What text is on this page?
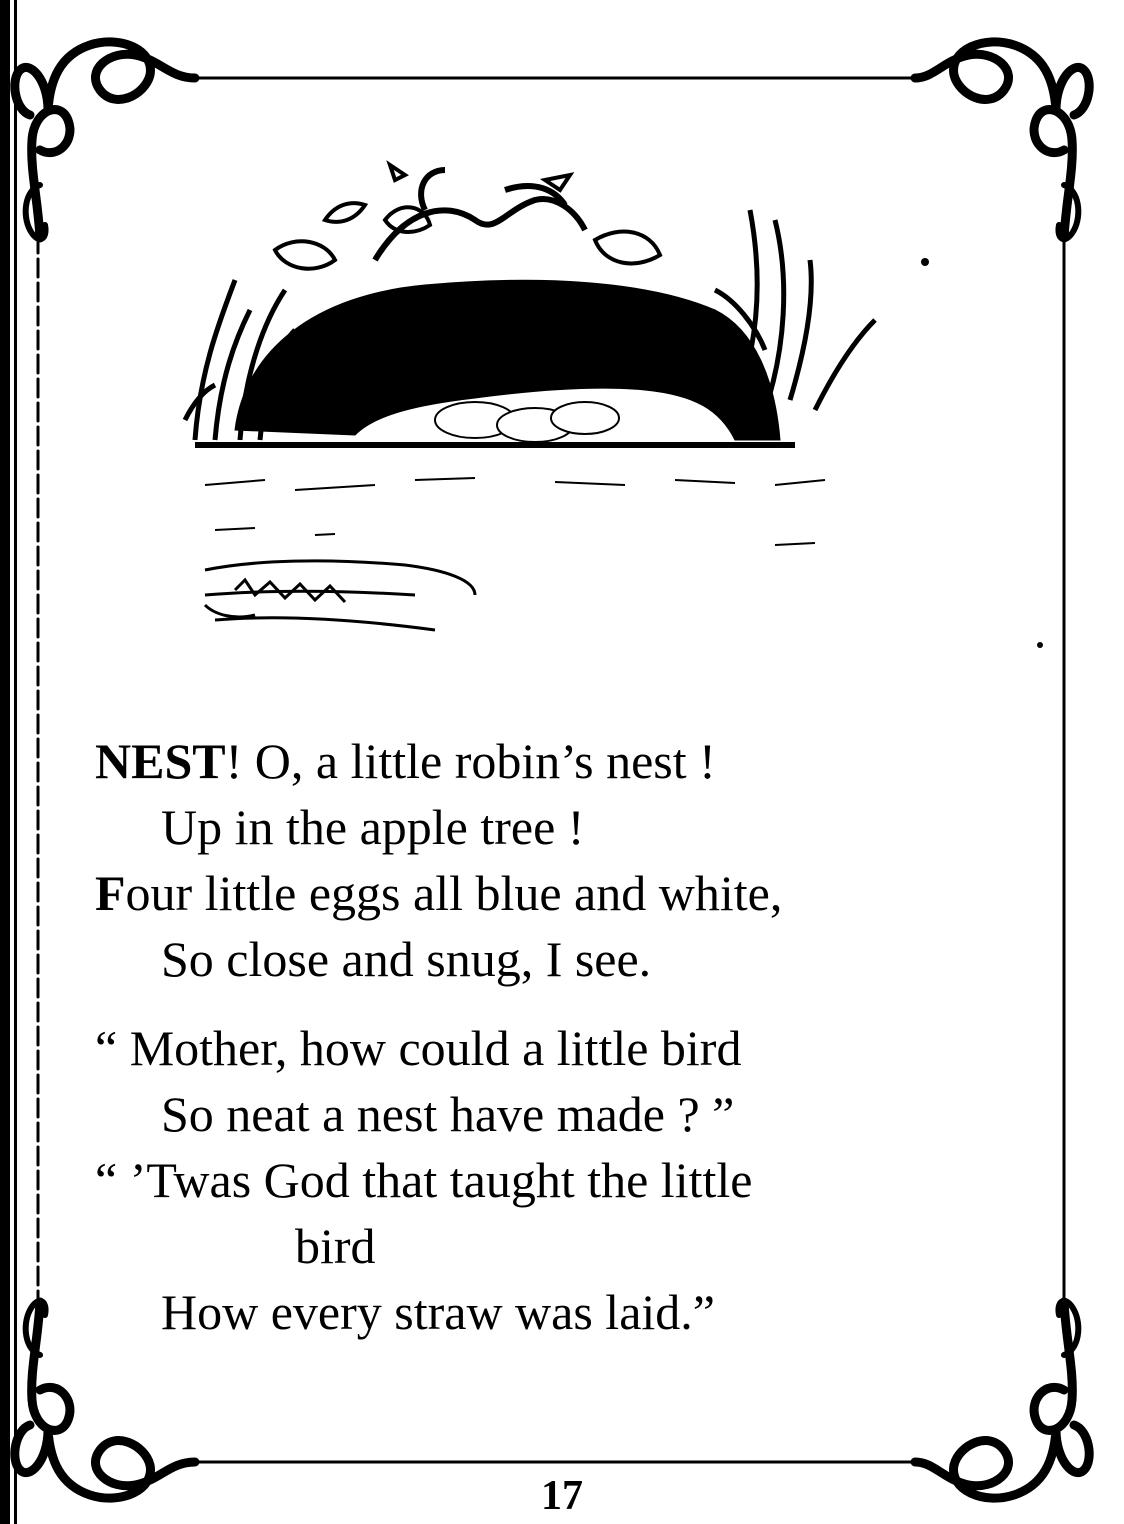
NEST! O, a little robin’s nest !
Up in the apple tree !
Four little eggs all blue and white,
So close and snug, I see.
“ Mother, how could a little bird
So neat a nest have made ? ”
“ ’Twas God that taught the little
bird
How every straw was laid.”
17
